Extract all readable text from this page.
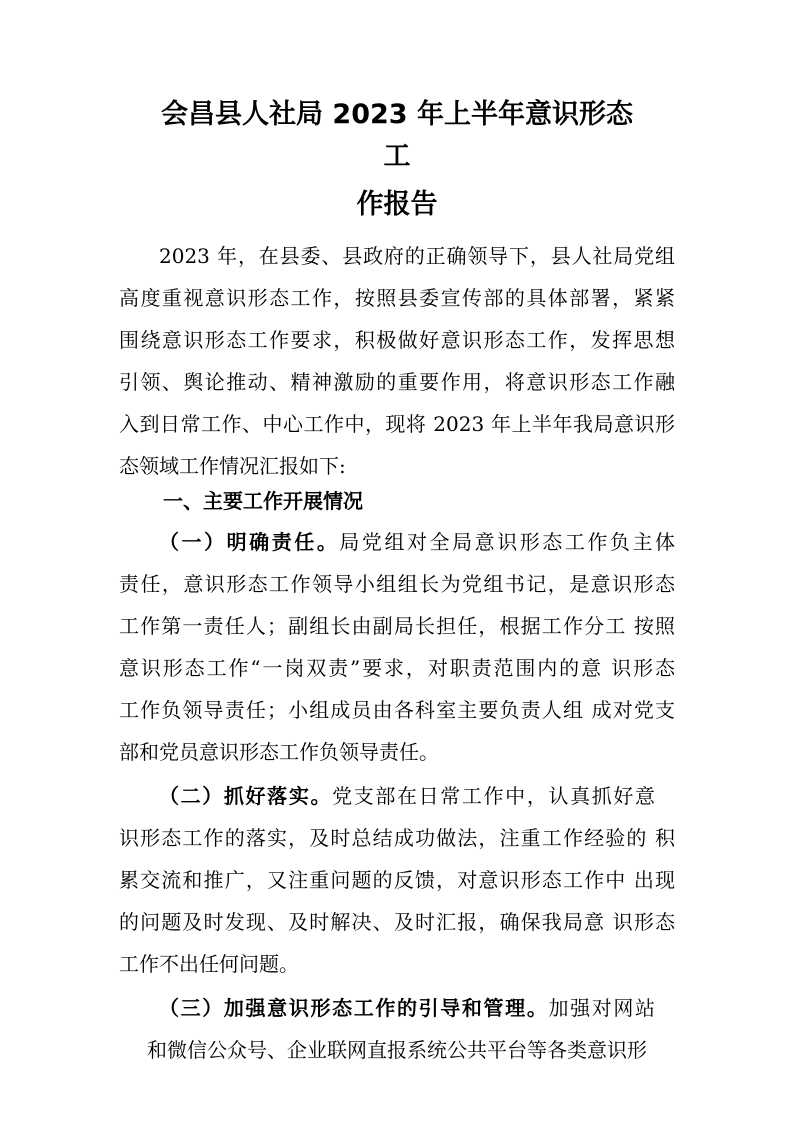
会昌县人社局 2023 年上半年意识形态
工
作报告
2023 年，在县委、县政府的正确领导下，县人社局党组
高度重视意识形态工作，按照县委宣传部的具体部署，紧紧
围绕意识形态工作要求，积极做好意识形态工作，发挥思想
引领、舆论推动、精神激励的重要作用，将意识形态工作融
入到日常工作、中心工作中，现将 2023 年上半年我局意识形
态领域工作情况汇报如下:
一、主要工作开展情况
（一）明确责任。局党组对全局意识形态工作负主体
责任，意识形态工作领导小组组长为党组书记，是意识形态
工作第一责任人；副组长由副局长担任，根据工作分工 按照
意识形态工作“一岗双责”要求，对职责范围内的意 识形态
工作负领导责任；小组成员由各科室主要负责人组 成对党支
部和党员意识形态工作负领导责任。
（二）抓好落实。党支部在日常工作中，认真抓好意
识形态工作的落实，及时总结成功做法，注重工作经验的 积
累交流和推广，又注重问题的反馈，对意识形态工作中 出现
的问题及时发现、及时解决、及时汇报，确保我局意 识形态
工作不出任何问题。
（三）加强意识形态工作的引导和管理。加强对网站
和微信公众号、企业联网直报系统公共平台等各类意识形
